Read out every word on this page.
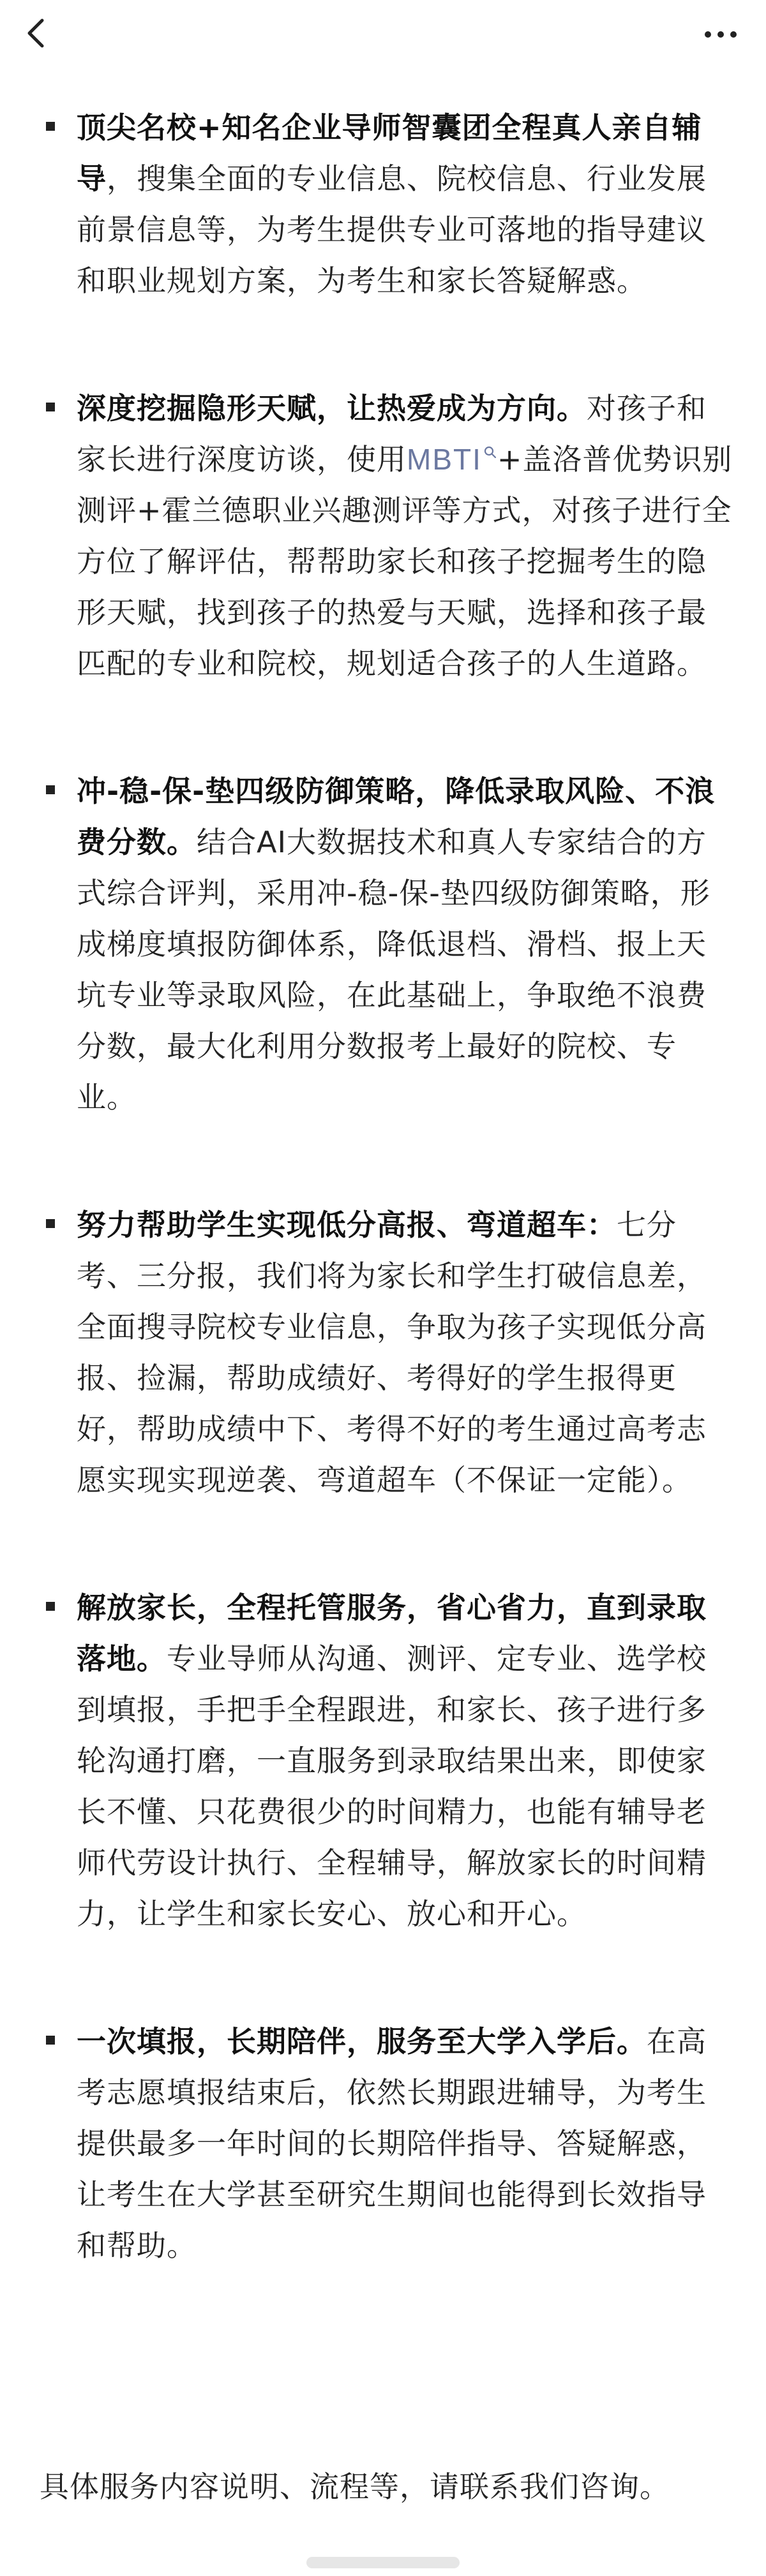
顶尖名校+知名企业导师智囊团全程真人亲自辅导，搜集全面的专业信息、院校信息、行业发展前景信息等，为考生提供专业可落地的指导建议和职业规划方案，为考生和家长答疑解惑。
深度挖掘隐形天赋，让热爱成为方向。对孩子和家长进行深度访谈，使用MBTI +盖洛普优势识别测评+霍兰德职业兴趣测评等方式，对孩子进行全方位了解评估，帮帮助家长和孩子挖掘考生的隐形天赋，找到孩子的热爱与天赋，选择和孩子最匹配的专业和院校，规划适合孩子的人生道路。
冲-稳-保-垫四级防御策略，降低录取风险、不浪费分数。结合AI大数据技术和真人专家结合的方式综合评判，采用冲-稳-保-垫四级防御策略，形成梯度填报防御体系，降低退档、滑档、报上天坑专业等录取风险，在此基础上，争取绝不浪费分数，最大化利用分数报考上最好的院校、专业。
努力帮助学生实现低分高报、弯道超车：七分考、三分报，我们将为家长和学生打破信息差，全面搜寻院校专业信息，争取为孩子实现低分高报、捡漏，帮助成绩好、考得好的学生报得更好，帮助成绩中下、考得不好的考生通过高考志愿实现实现逆袭、弯道超车（不保证一定能）。
解放家长，全程托管服务，省心省力，直到录取落地。专业导师从沟通、测评、定专业、选学校到填报，手把手全程跟进，和家长、孩子进行多轮沟通打磨，一直服务到录取结果出来，即使家长不懂、只花费很少的时间精力，也能有辅导老师代劳设计执行、全程辅导，解放家长的时间精力，让学生和家长安心、放心和开心。
一次填报，长期陪伴，服务至大学入学后。在高考志愿填报结束后，依然长期跟进辅导，为考生提供最多一年时间的长期陪伴指导、答疑解惑，让考生在大学甚至研究生期间也能得到长效指导和帮助。
具体服务内容说明、流程等，请联系我们咨询。
